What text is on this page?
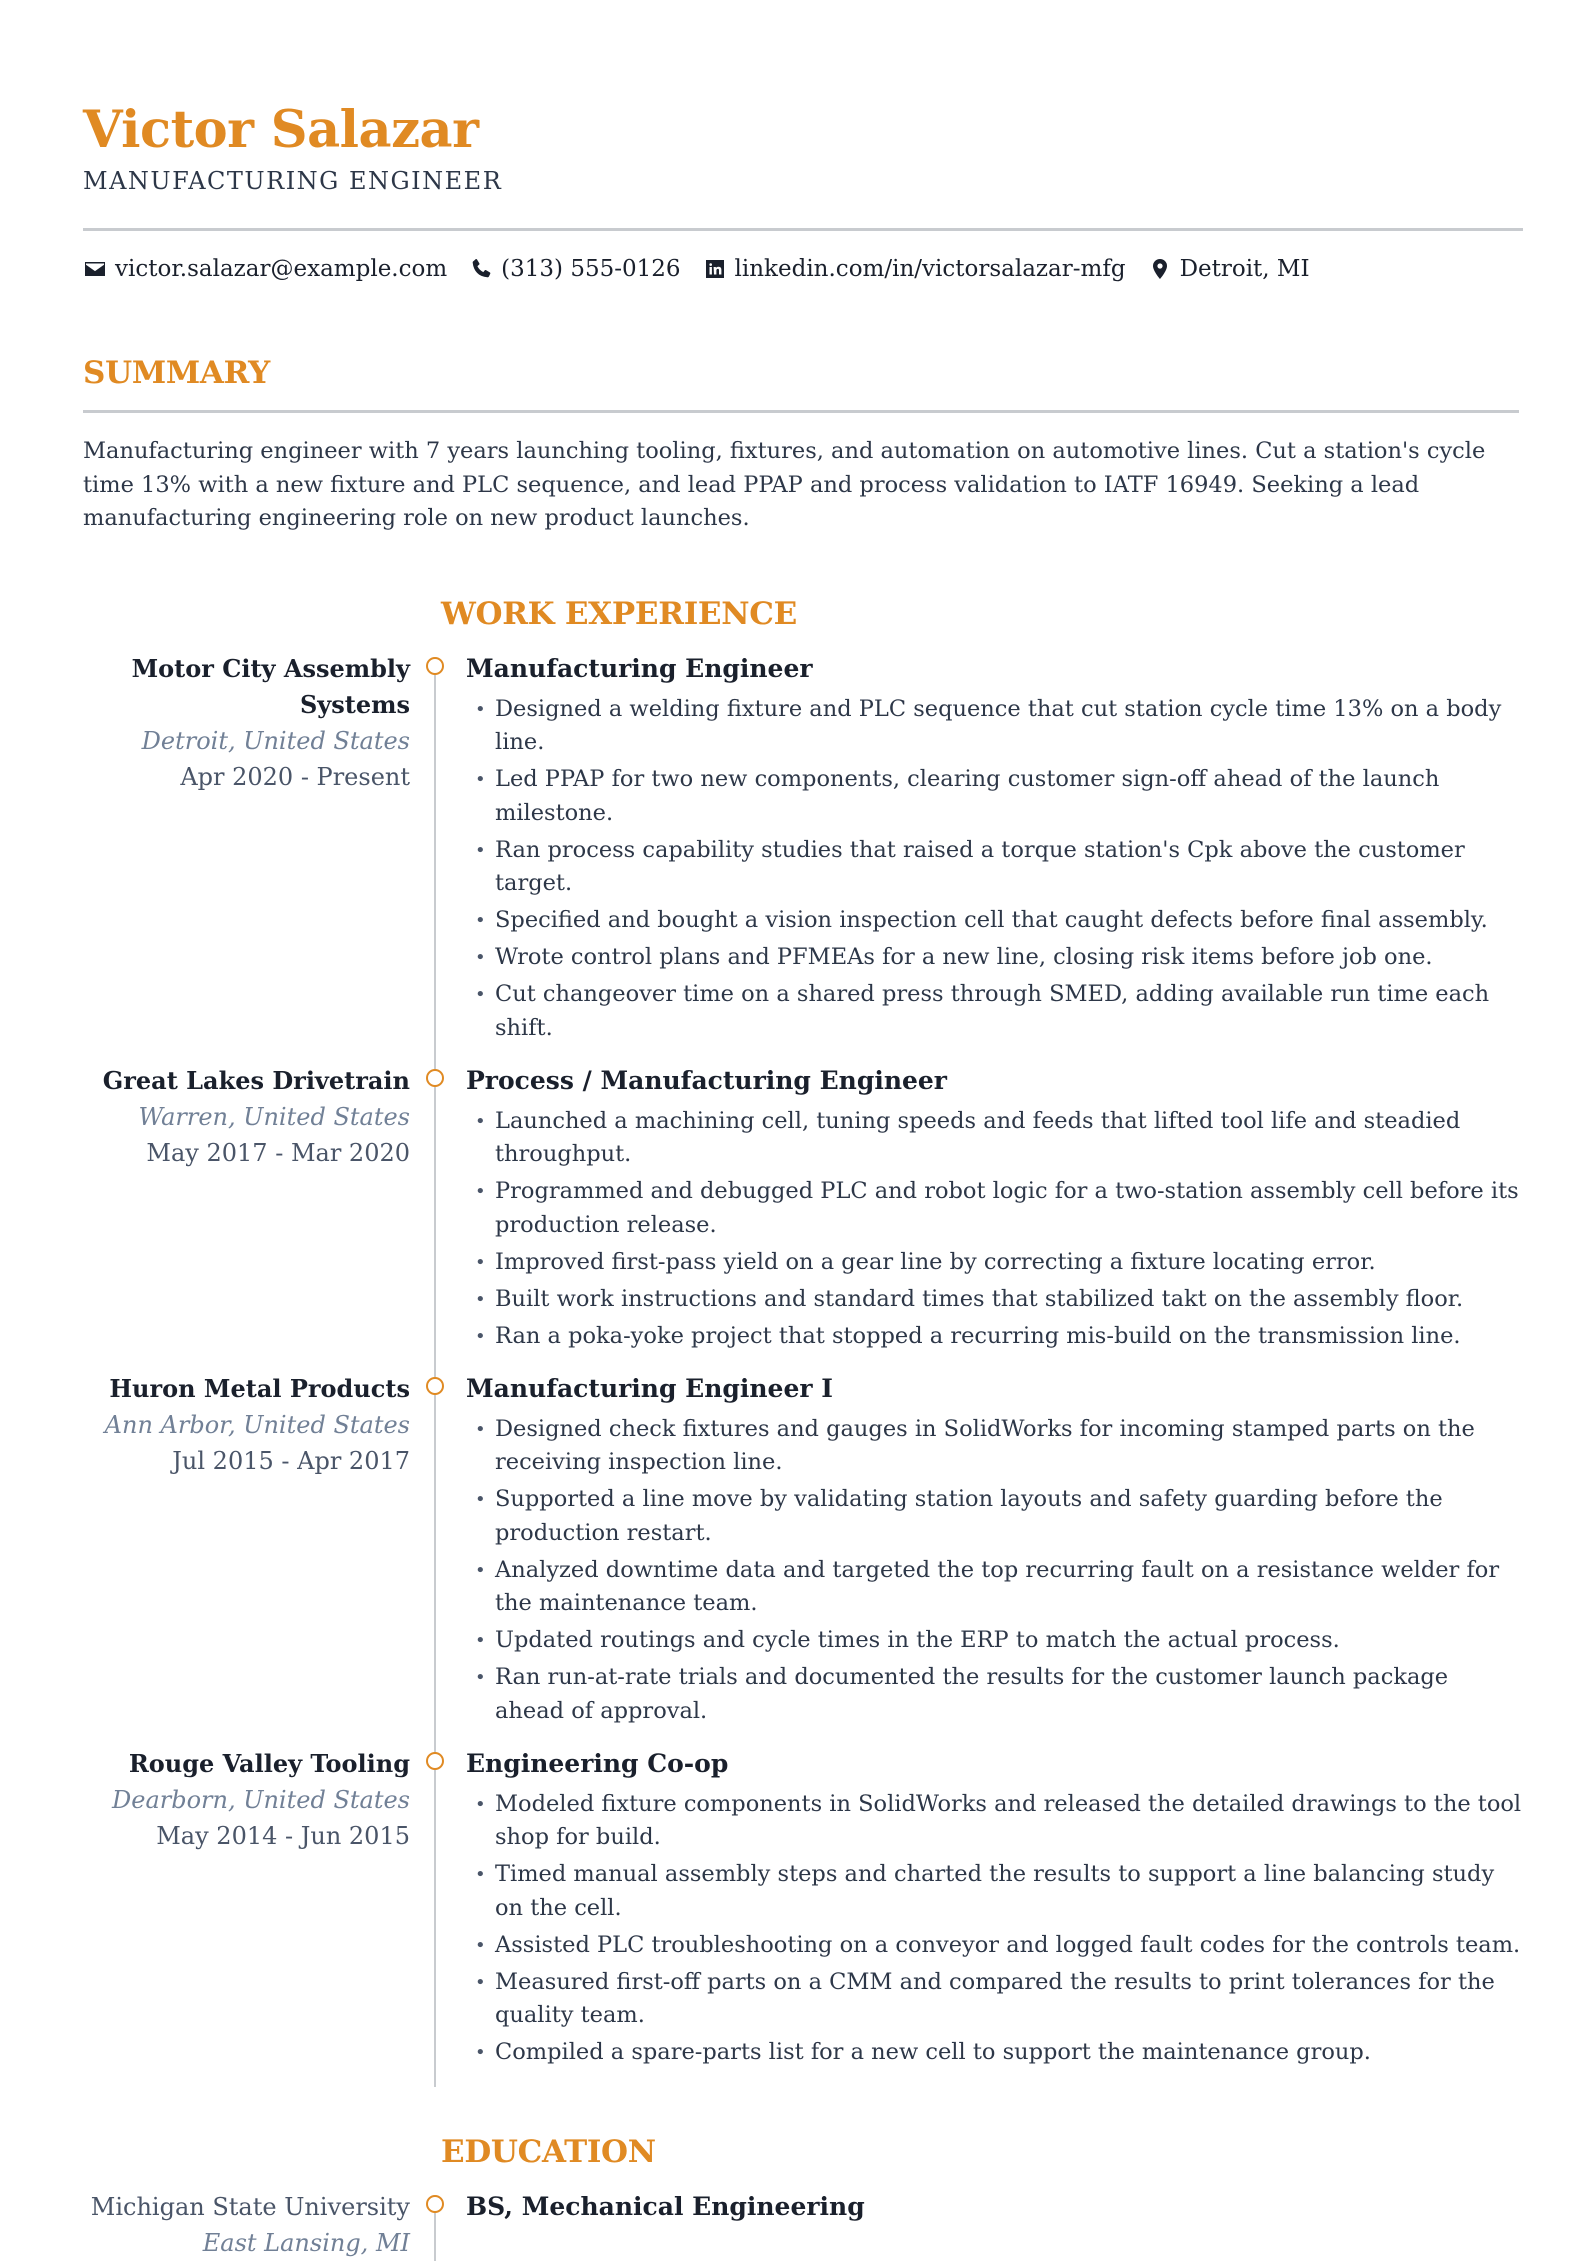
Victor Salazar
MANUFACTURING ENGINEER
victor.salazar@example.com (313) 555-0126 linkedin.com/in/victorsalazar-mfg Detroit, MI
SUMMARY
Manufacturing engineer with 7 years launching tooling, fixtures, and automation on automotive lines. Cut a station's cycle time 13% with a new fixture and PLC sequence, and lead PPAP and process validation to IATF 16949. Seeking a lead manufacturing engineering role on new product launches.
WORK EXPERIENCE
Motor City Assembly Systems
Detroit, United States
Apr 2020 - Present
Manufacturing Engineer
• Designed a welding fixture and PLC sequence that cut station cycle time 13% on a body line.
• Led PPAP for two new components, clearing customer sign-off ahead of the launch milestone.
• Ran process capability studies that raised a torque station's Cpk above the customer target.
• Specified and bought a vision inspection cell that caught defects before final assembly.
• Wrote control plans and PFMEAs for a new line, closing risk items before job one.
• Cut changeover time on a shared press through SMED, adding available run time each shift.
Great Lakes Drivetrain
Warren, United States
May 2017 - Mar 2020
Process / Manufacturing Engineer
• Launched a machining cell, tuning speeds and feeds that lifted tool life and steadied throughput.
• Programmed and debugged PLC and robot logic for a two-station assembly cell before its production release.
• Improved first-pass yield on a gear line by correcting a fixture locating error.
• Built work instructions and standard times that stabilized takt on the assembly floor.
• Ran a poka-yoke project that stopped a recurring mis-build on the transmission line.
Huron Metal Products
Ann Arbor, United States
Jul 2015 - Apr 2017
Manufacturing Engineer I
• Designed check fixtures and gauges in SolidWorks for incoming stamped parts on the receiving inspection line.
• Supported a line move by validating station layouts and safety guarding before the production restart.
• Analyzed downtime data and targeted the top recurring fault on a resistance welder for the maintenance team.
• Updated routings and cycle times in the ERP to match the actual process.
• Ran run-at-rate trials and documented the results for the customer launch package ahead of approval.
Rouge Valley Tooling
Dearborn, United States
May 2014 - Jun 2015
Engineering Co-op
• Modeled fixture components in SolidWorks and released the detailed drawings to the tool shop for build.
• Timed manual assembly steps and charted the results to support a line balancing study on the cell.
• Assisted PLC troubleshooting on a conveyor and logged fault codes for the controls team.
• Measured first-off parts on a CMM and compared the results to print tolerances for the quality team.
• Compiled a spare-parts list for a new cell to support the maintenance group.
EDUCATION
Michigan State University
East Lansing, MI
BS, Mechanical Engineering
